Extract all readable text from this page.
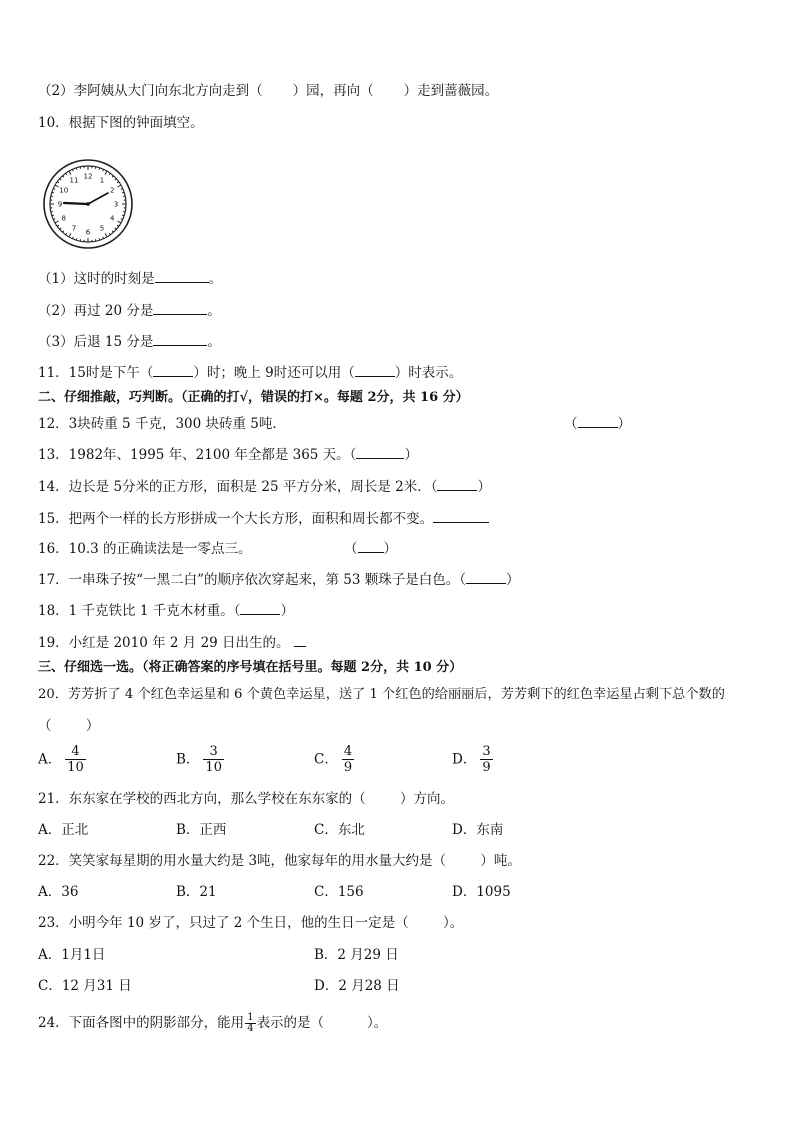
（2）李阿姨从大门向东北方向走到（ ）园，再向（ ）走到蔷薇园。
10．根据下图的钟面填空。
12 1
2
3
4
5
6
7
8
9
10
11
（1）这时的时刻是	。
（2）再过 20 分是	。
（3）后退 15 分是	。
11．15时是下午（	）时；晚上 9时还可以用（	）时表示。
二、仔细推敲，巧判断。（正确的打√，错误的打×。每题 2分，共 16 分）
12．3块砖重 5 千克，300 块砖重 5吨．	（	）
13．1982年、1995 年、2100 年全都是 365 天。（	）
14．边长是 5分米的正方形，面积是 25 平方分米，周长是 2米．（	）
15．把两个一样的长方形拼成一个大长方形，面积和周长都不变。
16．10.3 的正确读法是一零点三。	（ ）
17．一串珠子按“一黑二白”的顺序依次穿起来，第 53 颗珠子是白色。（	）
18．1 千克铁比 1 千克木材重。（	）
19．小红是 2010 年 2 月 29 日出生的。
三、仔细选一选。（将正确答案的序号填在括号里。每题 2分，共 10 分）
20．芳芳折了 4 个红色幸运星和 6 个黄色幸运星，送了 1 个红色的给丽丽后，芳芳剩下的红色幸运星占剩下总个数的
（        ）
A． $\frac{4}{10}$	B． $\frac{3}{10}$	C． $\frac{4}{9}$	D． $\frac{3}{9}$
21．东东家在学校的西北方向，那么学校在东东家的（        ）方向。
A．正北	B．正西	C．东北	D．东南
22．笑笑家每星期的用水量大约是 3吨，他家每年的用水量大约是（        ）吨。
A．36	B．21	C．156	D．1095
23．小明今年 10 岁了，只过了 2 个生日，他的生日一定是（        ）。
A．1月1日	B．2 月29 日
C．12 月31 日	D．2 月28 日
24．下面各图中的阴影部分，能用 $\frac{1}{4}$ 表示的是（          ）。
